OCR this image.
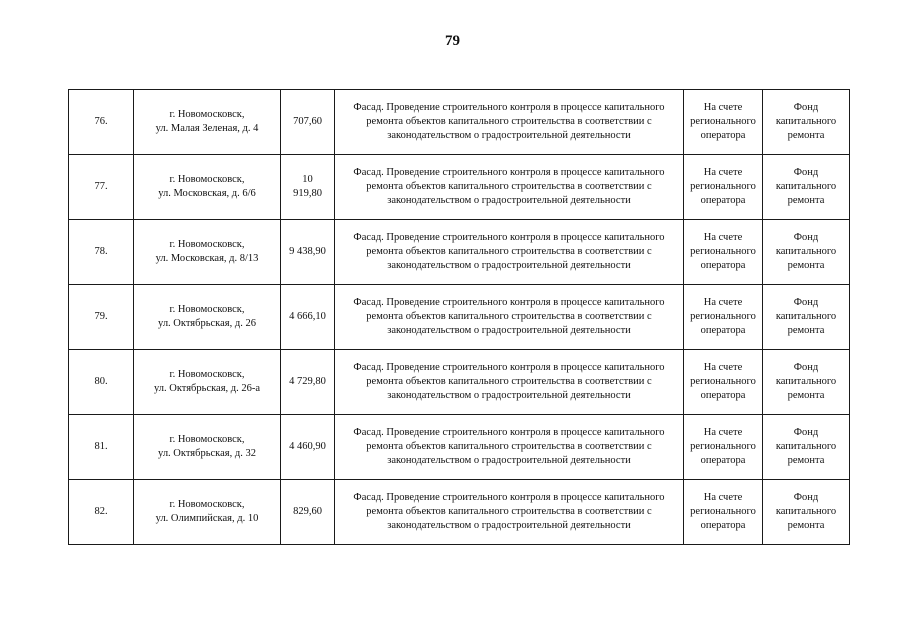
79
76.	г. Новомосковск,
ул. Малая Зеленая, д. 4	707,60	Фасад. Проведение строительного контроля в процессе капитального ремонта объектов капитального строительства в соответствии с законодательством о градостроительной деятельности	На счете
регионального
оператора	Фонд
капитального
ремонта

77.	г. Новомосковск,
ул. Московская, д. 6/6	10
919,80	Фасад. Проведение строительного контроля в процессе капитального ремонта объектов капитального строительства в соответствии с законодательством о градостроительной деятельности	На счете
регионального
оператора	Фонд
капитального
ремонта

78.	г. Новомосковск,
ул. Московская, д. 8/13	9 438,90	Фасад. Проведение строительного контроля в процессе капитального ремонта объектов капитального строительства в соответствии с законодательством о градостроительной деятельности	На счете
регионального
оператора	Фонд
капитального
ремонта

79.	г. Новомосковск,
ул. Октябрьская, д. 26	4 666,10	Фасад. Проведение строительного контроля в процессе капитального ремонта объектов капитального строительства в соответствии с законодательством о градостроительной деятельности	На счете
регионального
оператора	Фонд
капитального
ремонта

80.	г. Новомосковск,
ул. Октябрьская, д. 26-а	4 729,80	Фасад. Проведение строительного контроля в процессе капитального ремонта объектов капитального строительства в соответствии с законодательством о градостроительной деятельности	На счете
регионального
оператора	Фонд
капитального
ремонта

81.	г. Новомосковск,
ул. Октябрьская, д. 32	4 460,90	Фасад. Проведение строительного контроля в процессе капитального ремонта объектов капитального строительства в соответствии с законодательством о градостроительной деятельности	На счете
регионального
оператора	Фонд
капитального
ремонта

82.	г. Новомосковск,
ул. Олимпийская, д. 10	829,60	Фасад. Проведение строительного контроля в процессе капитального ремонта объектов капитального строительства в соответствии с законодательством о градостроительной деятельности	На счете
регионального
оператора	Фонд
капитального
ремонта
